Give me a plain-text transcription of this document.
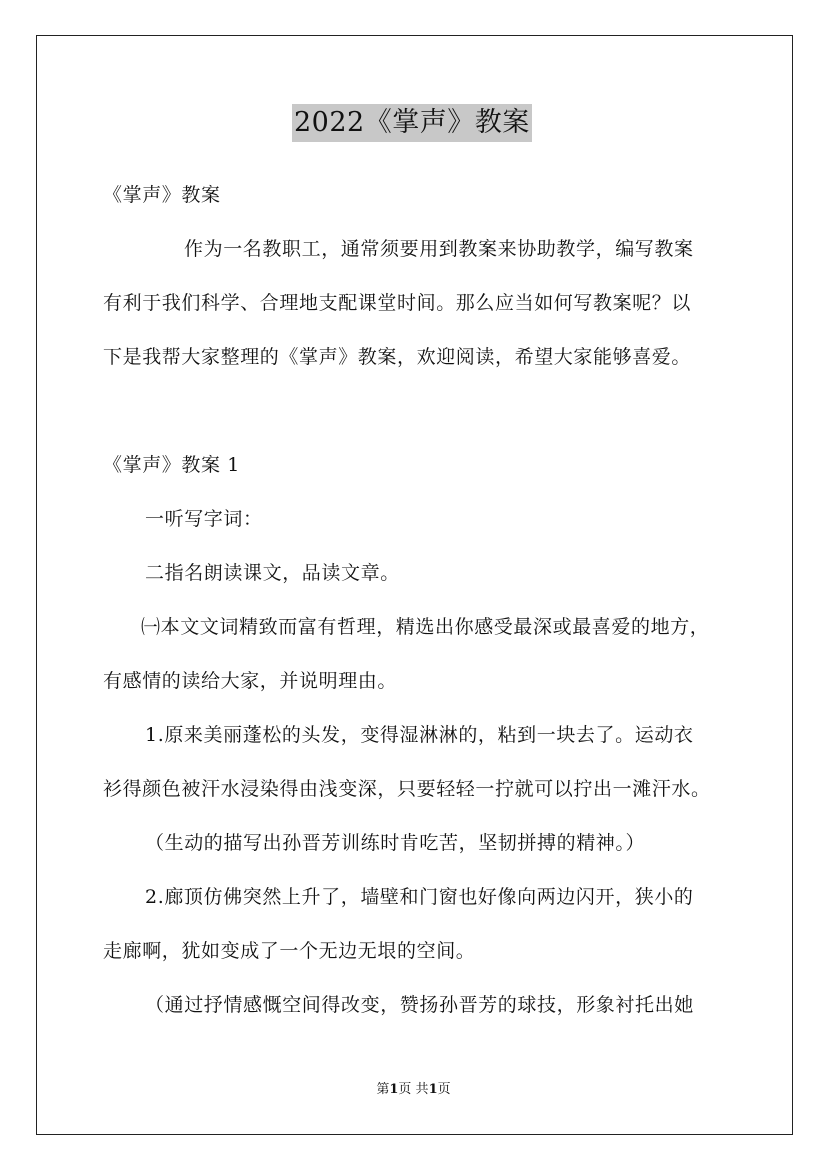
2022《掌声》教案
《掌声》教案
作为一名教职工，通常须要用到教案来协助教学，编写教案
有利于我们科学、合理地支配课堂时间。那么应当如何写教案呢？以
下是我帮大家整理的《掌声》教案，欢迎阅读，希望大家能够喜爱。
《掌声》教案 1
一听写字词：
二指名朗读课文，品读文章。
㈠本文文词精致而富有哲理，精选出你感受最深或最喜爱的地方，
有感情的读给大家，并说明理由。
1.原来美丽蓬松的头发，变得湿淋淋的，粘到一块去了。运动衣
衫得颜色被汗水浸染得由浅变深，只要轻轻一拧就可以拧出一滩汗水。
（生动的描写出孙晋芳训练时肯吃苦，坚韧拼搏的精神。）
2.廊顶仿佛突然上升了，墙壁和门窗也好像向两边闪开，狭小的
走廊啊，犹如变成了一个无边无垠的空间。
（通过抒情感慨空间得改变，赞扬孙晋芳的球技，形象衬托出她
第1页 共1页
